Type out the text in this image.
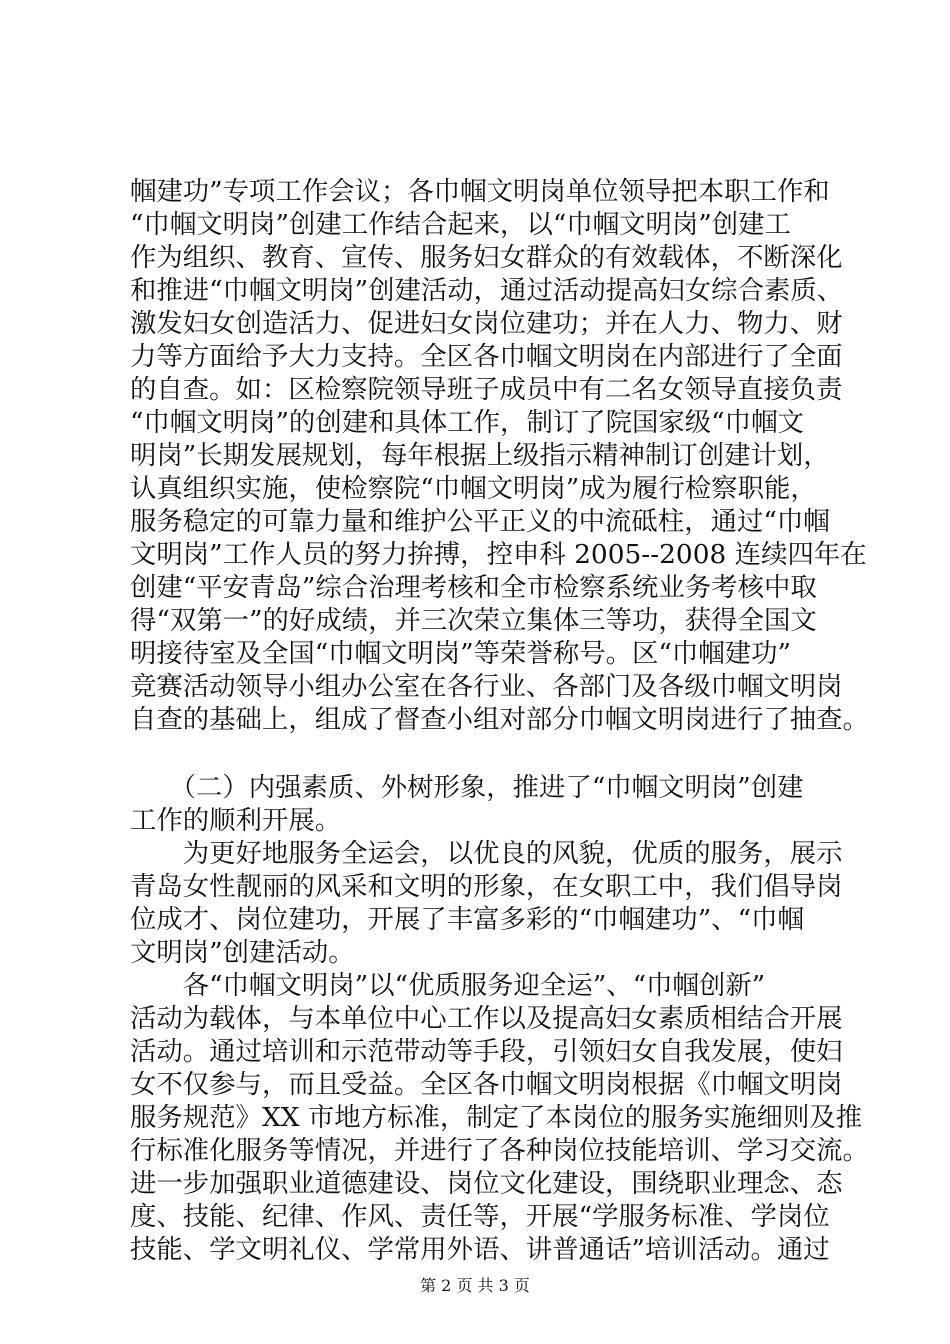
帼建功”专项工作会议；各巾帼文明岗单位领导把本职工作和
“巾帼文明岗”创建工作结合起来，以“巾帼文明岗”创建工
作为组织、教育、宣传、服务妇女群众的有效载体，不断深化
和推进“巾帼文明岗”创建活动，通过活动提高妇女综合素质、
激发妇女创造活力、促进妇女岗位建功；并在人力、物力、财
力等方面给予大力支持。全区各巾帼文明岗在内部进行了全面
的自查。如：区检察院领导班子成员中有二名女领导直接负责
“巾帼文明岗”的创建和具体工作，制订了院国家级“巾帼文
明岗”长期发展规划，每年根据上级指示精神制订创建计划，
认真组织实施，使检察院“巾帼文明岗”成为履行检察职能，
服务稳定的可靠力量和维护公平正义的中流砥柱，通过“巾帼
文明岗”工作人员的努力拚搏，控申科 2005--2008 连续四年在
创建“平安青岛”综合治理考核和全市检察系统业务考核中取
得“双第一”的好成绩，并三次荣立集体三等功，获得全国文
明接待室及全国“巾帼文明岗”等荣誉称号。区“巾帼建功”
竞赛活动领导小组办公室在各行业、各部门及各级巾帼文明岗
自查的基础上，组成了督查小组对部分巾帼文明岗进行了抽查。
　　（二）内强素质、外树形象，推进了“巾帼文明岗”创建
工作的顺利开展。
　　为更好地服务全运会，以优良的风貌，优质的服务，展示
青岛女性靓丽的风采和文明的形象，在女职工中，我们倡导岗
位成才、岗位建功，开展了丰富多彩的“巾帼建功”、“巾帼
文明岗”创建活动。
　　各“巾帼文明岗”以“优质服务迎全运”、“巾帼创新”
活动为载体，与本单位中心工作以及提高妇女素质相结合开展
活动。通过培训和示范带动等手段，引领妇女自我发展，使妇
女不仅参与，而且受益。全区各巾帼文明岗根据《巾帼文明岗
服务规范》XX 市地方标准，制定了本岗位的服务实施细则及推
行标准化服务等情况，并进行了各种岗位技能培训、学习交流。
进一步加强职业道德建设、岗位文化建设，围绕职业理念、态
度、技能、纪律、作风、责任等，开展“学服务标准、学岗位
技能、学文明礼仪、学常用外语、讲普通话”培训活动。通过
第 2 页 共 3 页
